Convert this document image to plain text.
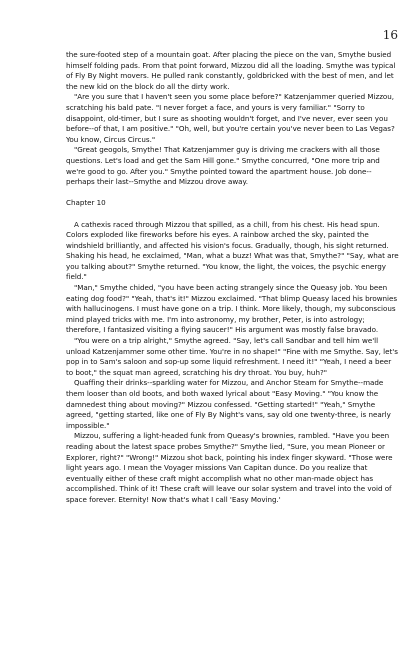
16

the sure-footed step of a mountain goat. After placing the piece on the van, Smythe busied himself folding pads. From that point forward, Mizzou did all the loading. Smythe was typical of Fly By Night movers. He pulled rank constantly, goldbricked with the best of men, and let the new kid on the block do all the dirty work.

"Are you sure that I haven't seen you some place before?" Katzenjammer queried Mizzou, scratching his bald pate. "I never forget a face, and yours is very familiar." "Sorry to disappoint, old-timer, but I sure as shooting wouldn't forget, and I've never, ever seen you before--of that, I am positive." "Oh, well, but you're certain you've never been to Las Vegas? You know, Circus Circus."

"Great geogols, Smythe! That Katzenjammer guy is driving me crackers with all those questions. Let's load and get the Sam Hill gone." Smythe concurred, "One more trip and we're good to go. After you." Smythe pointed toward the apartment house. Job done--perhaps their last--Smythe and Mizzou drove away.

Chapter 10

A cathexis raced through Mizzou that spilled, as a chill, from his chest. His head spun. Colors exploded like fireworks before his eyes. A rainbow arched the sky, painted the windshield brilliantly, and affected his vision's focus. Gradually, though, his sight returned. Shaking his head, he exclaimed, "Man, what a buzz! What was that, Smythe?" "Say, what are you talking about?" Smythe returned. "You know, the light, the voices, the psychic energy field."

"Man," Smythe chided, "you have been acting strangely since the Queasy job. You been eating dog food?" "Yeah, that's it!" Mizzou exclaimed. "That blimp Queasy laced his brownies with hallucinogens. I must have gone on a trip. I think. More likely, though, my subconscious mind played tricks with me. I'm into astronomy, my brother, Peter, is into astrology; therefore, I fantasized visiting a flying saucer!" His argument was mostly false bravado.

"You were on a trip alright," Smythe agreed. "Say, let's call Sandbar and tell him we'll unload Katzenjammer some other time. You're in no shape!" "Fine with me Smythe. Say, let's pop in to Sam's saloon and sop-up some liquid refreshment. I need it!" "Yeah, I need a beer to boot," the squat man agreed, scratching his dry throat. You buy, huh?"

Quaffing their drinks--sparkling water for Mizzou, and Anchor Steam for Smythe--made them looser than old boots, and both waxed lyrical about "Easy Moving." "You know the damnedest thing about moving?" Mizzou confessed. "Getting started!" "Yeah," Smythe agreed, "getting started, like one of Fly By Night's vans, say old one twenty-three, is nearly impossible."

Mizzou, suffering a light-headed funk from Queasy's brownies, rambled. "Have you been reading about the latest space probes Smythe?" Smythe lied, "Sure, you mean Pioneer or Explorer, right?" "Wrong!" Mizzou shot back, pointing his index finger skyward. "Those were light years ago. I mean the Voyager missions Van Capitan dunce. Do you realize that eventually either of these craft might accomplish what no other man-made object has accomplished. Think of it! These craft will leave our solar system and travel into the void of space forever. Eternity! Now that's what I call 'Easy Moving.'
